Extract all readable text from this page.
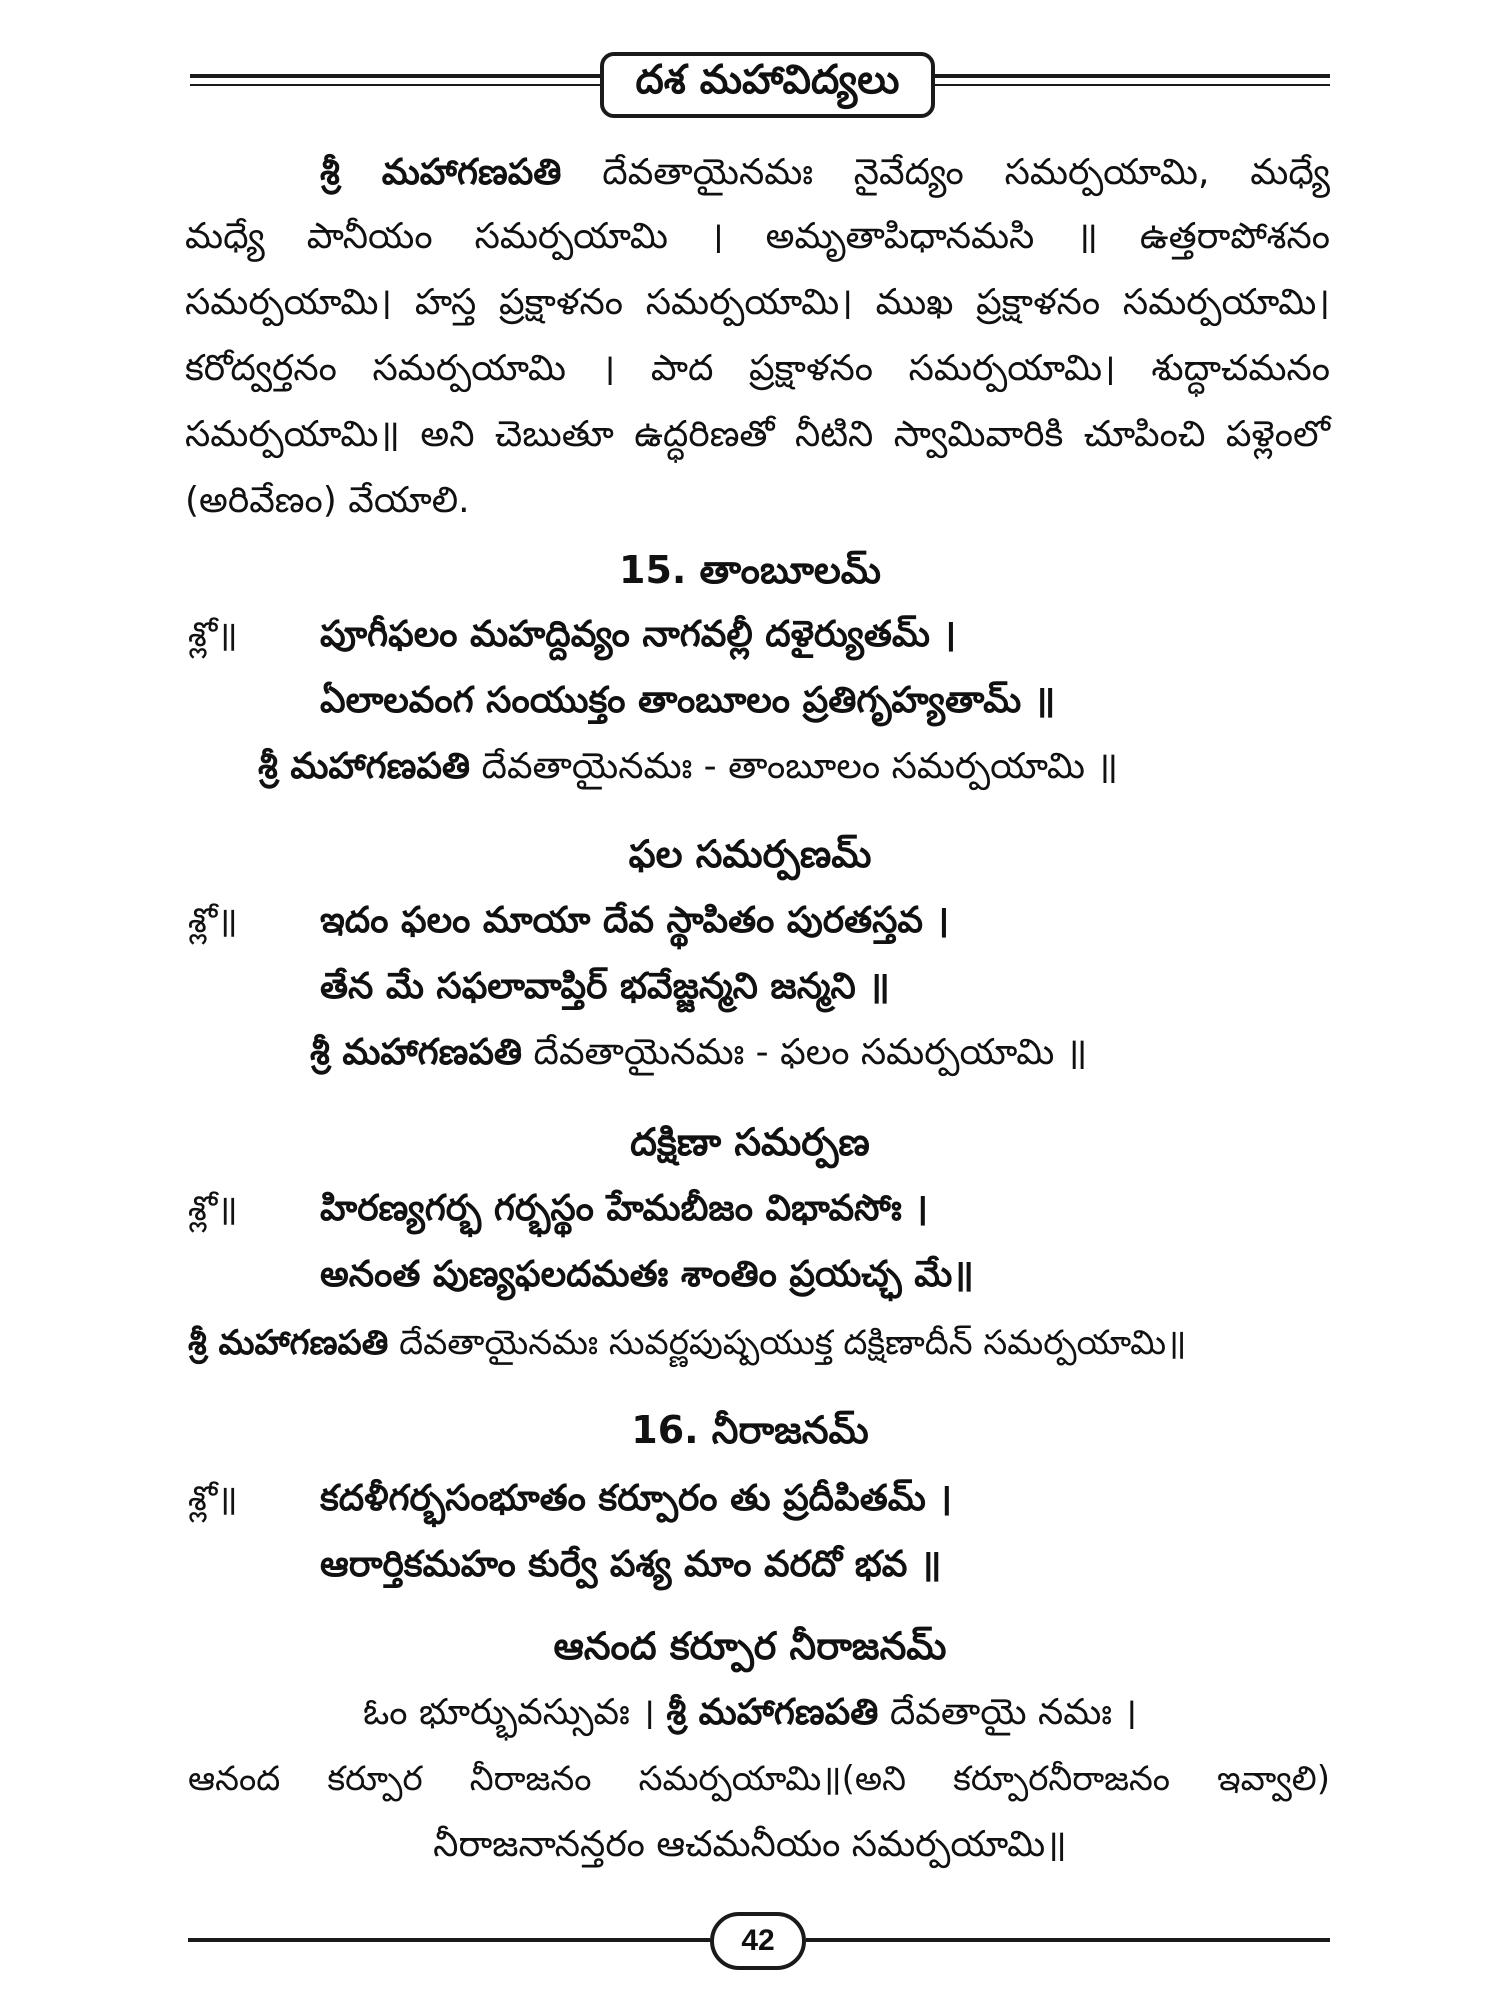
దశ మహావిద్యలు
శ్రీ మహాగణపతి దేవతాయైనమః నైవేద్యం సమర్పయామి, మధ్యే
మధ్యే పానీయం సమర్పయామి । అమృతాపిధానమసి ॥ ఉత్తరాపోశనం
సమర్పయామి। హస్త ప్రక్షాళనం సమర్పయామి। ముఖ ప్రక్షాళనం సమర్పయామి।
కరోద్వర్తనం సమర్పయామి । పాద ప్రక్షాళనం సమర్పయామి। శుద్ధాచమనం
సమర్పయామి॥ అని చెబుతూ ఉద్ధరిణతో నీటిని స్వామివారికి చూపించి పళ్లెంలో
(అరివేణం) వేయాలి.
15. తాంబూలమ్
శ్లో॥ పూగీఫలం మహద్దివ్యం నాగవల్లీ దళైర్యుతమ్ ।
ఏలాలవంగ సంయుక్తం తాంబూలం ప్రతిగృహ్యతామ్ ॥
శ్రీ మహాగణపతి దేవతాయైనమః - తాంబూలం సమర్పయామి ॥
ఫల సమర్పణమ్
శ్లో॥ ఇదం ఫలం మాయా దేవ స్థాపితం పురతస్తవ ।
తేన మే సఫలావాప్తిర్ భవేజ్జన్మని జన్మని ॥
శ్రీ మహాగణపతి దేవతాయైనమః - ఫలం సమర్పయామి ॥
దక్షిణా సమర్పణ
శ్లో॥ హిరణ్యగర్భ గర్భస్థం హేమబీజం విభావసోః ।
అనంత పుణ్యఫలదమతః శాంతిం ప్రయచ్ఛ మే॥
శ్రీ మహాగణపతి దేవతాయైనమః సువర్ణపుష్పయుక్త దక్షిణాదీన్ సమర్పయామి॥
16. నీరాజనమ్
శ్లో॥ కదళీగర్భసంభూతం కర్పూరం తు ప్రదీపితమ్ ।
ఆరార్తికమహం కుర్వే పశ్య మాం వరదో భవ ॥
ఆనంద కర్పూర నీరాజనమ్
ఓం భూర్భువస్సువః । శ్రీ మహాగణపతి దేవతాయై నమః ।
ఆనంద కర్పూర నీరాజనం సమర్పయామి॥(అని కర్పూరనీరాజనం ఇవ్వాలి)
నీరాజనానన్తరం ఆచమనీయం సమర్పయామి॥
42
